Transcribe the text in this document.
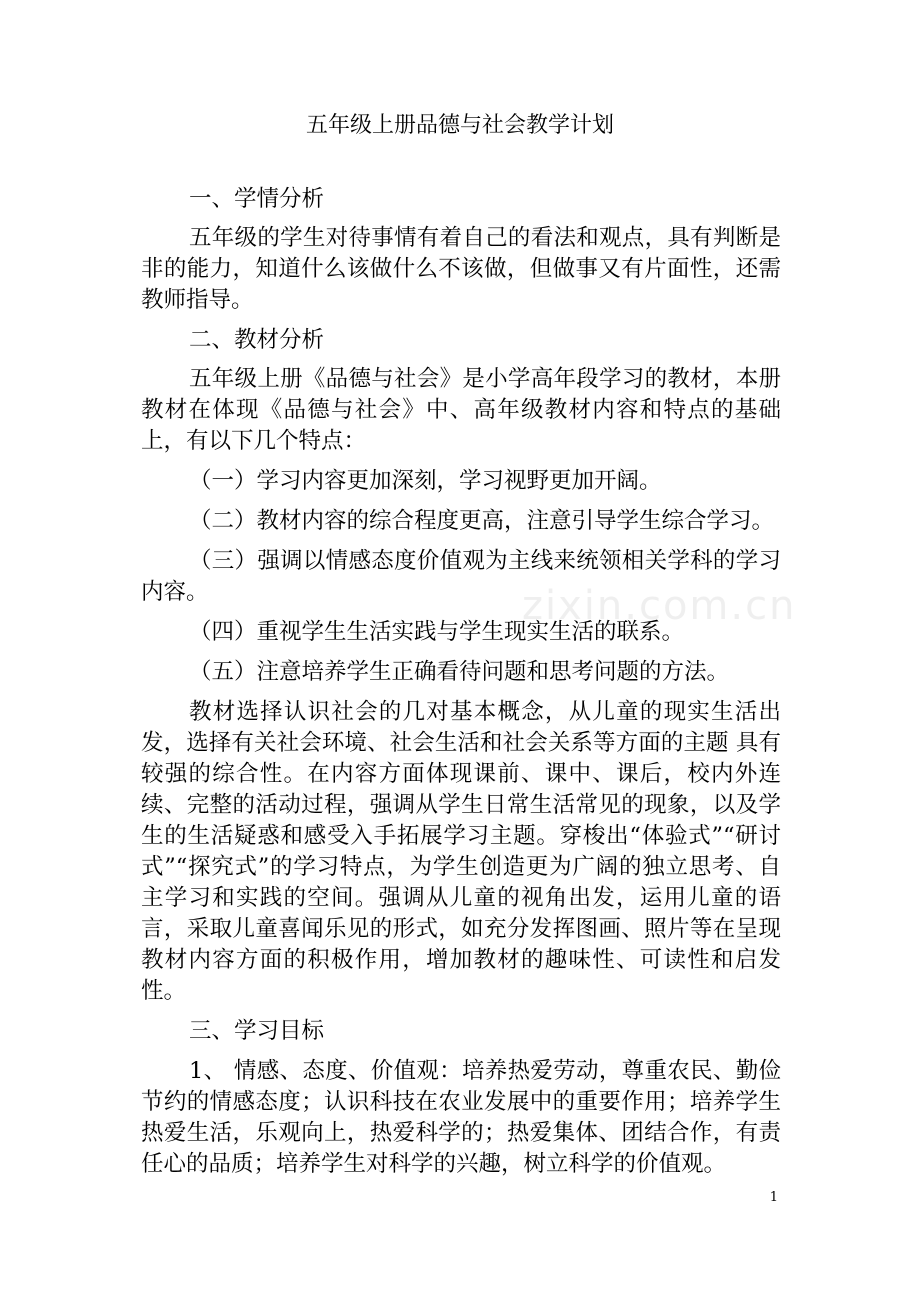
五年级上册品德与社会教学计划

一、学情分析

五年级的学生对待事情有着自己的看法和观点，具有判断是非的能力，知道什么该做什么不该做，但做事又有片面性，还需教师指导。

二、教材分析

五年级上册《品德与社会》是小学高年段学习的教材，本册教材在体现《品德与社会》中、高年级教材内容和特点的基础上，有以下几个特点：

（一）学习内容更加深刻，学习视野更加开阔。

（二）教材内容的综合程度更高，注意引导学生综合学习。

（三）强调以情感态度价值观为主线来统领相关学科的学习内容。

（四）重视学生生活实践与学生现实生活的联系。

（五）注意培养学生正确看待问题和思考问题的方法。

教材选择认识社会的几对基本概念，从儿童的现实生活出发，选择有关社会环境、社会生活和社会关系等方面的主题 具有较强的综合性。在内容方面体现课前、课中、课后，校内外连续、完整的活动过程，强调从学生日常生活常见的现象，以及学生的生活疑惑和感受入手拓展学习主题。穿梭出“体验式”“研讨式”“探究式”的学习特点，为学生创造更为广阔的独立思考、自主学习和实践的空间。强调从儿童的视角出发，运用儿童的语言，采取儿童喜闻乐见的形式，如充分发挥图画、照片等在呈现教材内容方面的积极作用，增加教材的趣味性、可读性和启发性。

三、学习目标

1、 情感、态度、价值观：培养热爱劳动，尊重农民、勤俭节约的情感态度；认识科技在农业发展中的重要作用；培养学生热爱生活，乐观向上，热爱科学的；热爱集体、团结合作，有责任心的品质；培养学生对科学的兴趣，树立科学的价值观。

zixin.com.cn
1
